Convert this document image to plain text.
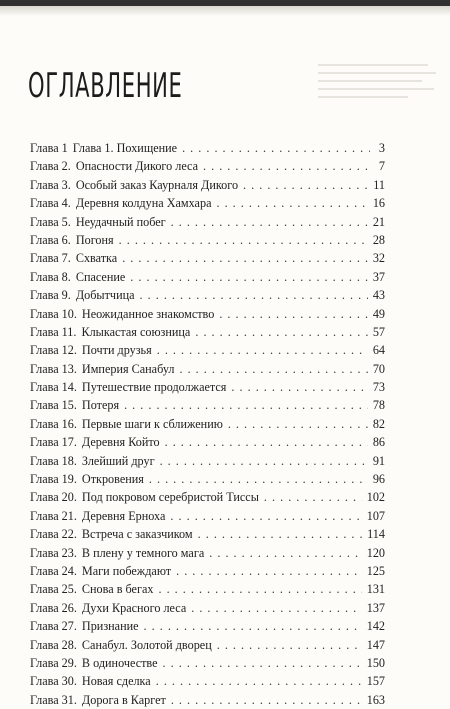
ОГЛАВЛЕНИЕ
Глава 1 Глава 1. Похищение . . .	3
Глава 2. Опасности Дикого леса . . .	7
Глава 3. Особый заказ Каурналя Дикого . . .	11
Глава 4. Деревня колдуна Хамхара . . .	16
Глава 5. Неудачный побег . . .	21
Глава 6. Погоня . . .	28
Глава 7. Схватка . . .	32
Глава 8. Спасение . . .	37
Глава 9. Добытчица . . .	43
Глава 10. Неожиданное знакомство . . .	49
Глава 11. Клыкастая союзница . . .	57
Глава 12. Почти друзья . . .	64
Глава 13. Империя Санабул . . .	70
Глава 14. Путешествие продолжается . . .	73
Глава 15. Потеря . . .	78
Глава 16. Первые шаги к сближению . . .	82
Глава 17. Деревня Който . . .	86
Глава 18. Злейший друг . . .	91
Глава 19. Откровения . . .	96
Глава 20. Под покровом серебристой Тиссы . . .	102
Глава 21. Деревня Ерноха . . .	107
Глава 22. Встреча с заказчиком . . .	114
Глава 23. В плену у темного мага . . .	120
Глава 24. Маги побеждают . . .	125
Глава 25. Снова в бегах . . .	131
Глава 26. Духи Красного леса . . .	137
Глава 27. Признание . . .	142
Глава 28. Санабул. Золотой дворец . . .	147
Глава 29. В одиночестве . . .	150
Глава 30. Новая сделка . . .	157
Глава 31. Дорога в Каргет . . .	163
